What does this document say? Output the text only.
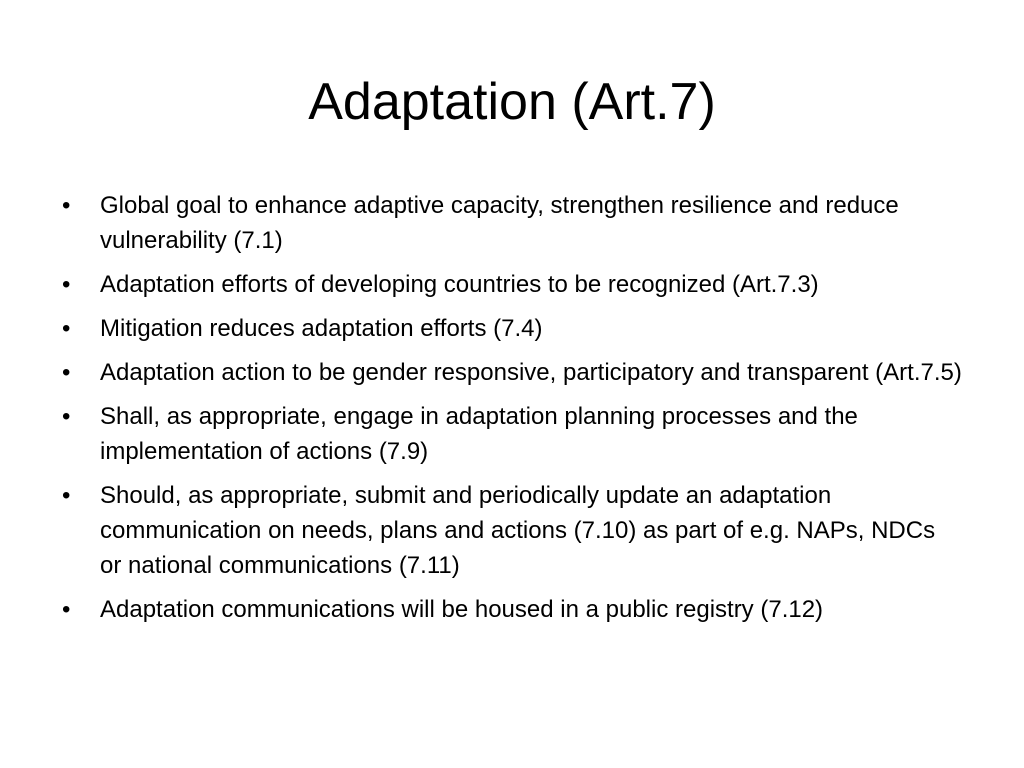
Adaptation (Art.7)
•	Global goal to enhance adaptive capacity, strengthen resilience and reduce vulnerability (7.1)
•	Adaptation efforts of developing countries to be recognized (Art.7.3)
•	Mitigation reduces adaptation efforts (7.4)
•	Adaptation action to be gender responsive, participatory and transparent (Art.7.5)
•	Shall, as appropriate, engage in adaptation planning processes and the implementation of actions (7.9)
•	Should, as appropriate, submit and periodically update an adaptation communication on needs, plans and actions (7.10) as part of e.g. NAPs, NDCs or national communications (7.11)
•	Adaptation communications will be housed in a public registry (7.12)
